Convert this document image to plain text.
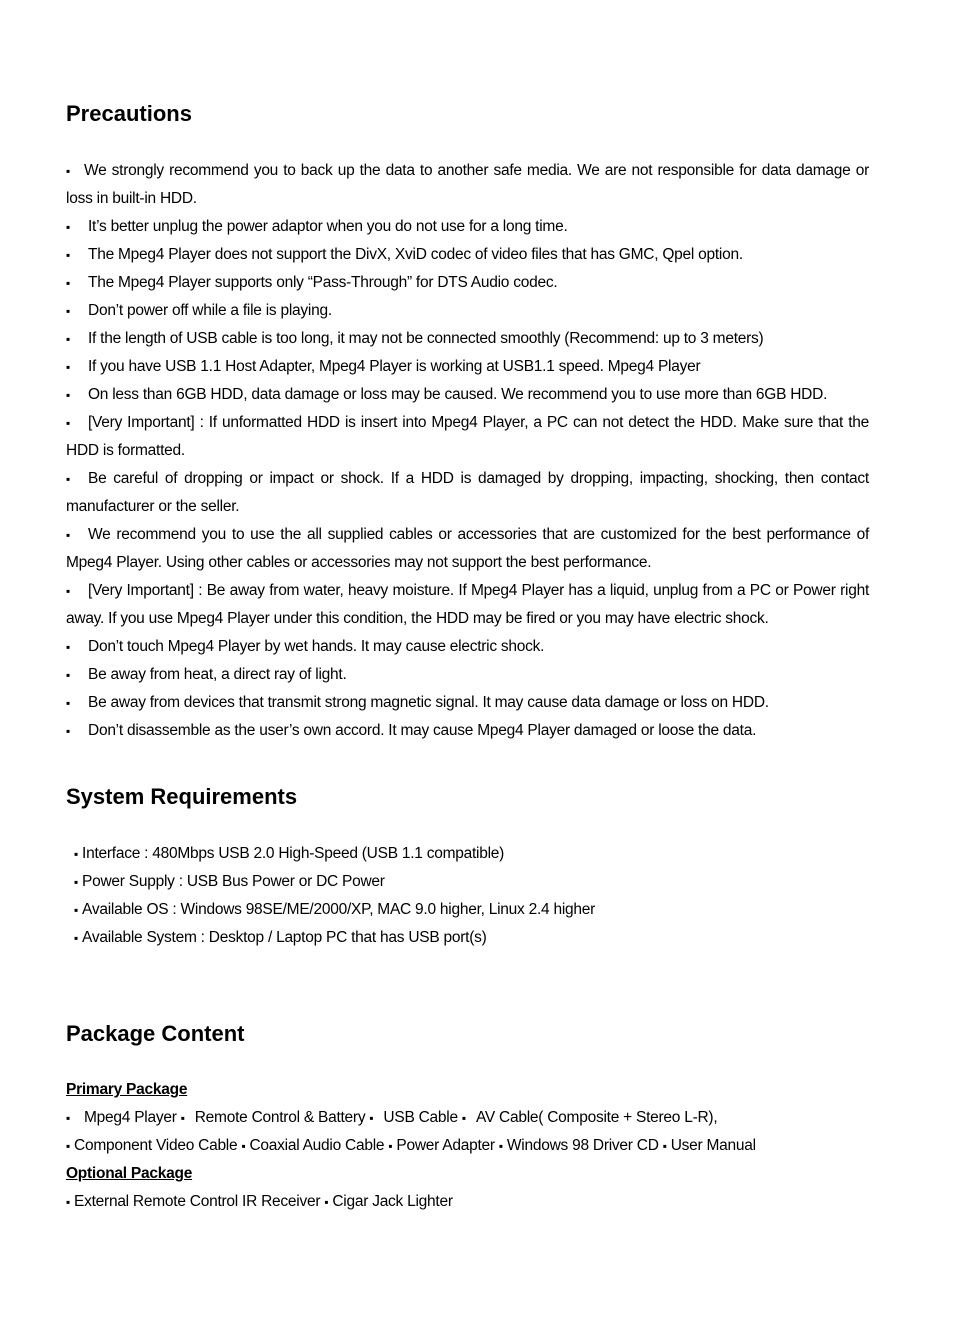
Precautions
▪ We strongly recommend you to back up the data to another safe media. We are not responsible for data damage or loss in built-in HDD.
▪ It’s better unplug the power adaptor when you do not use for a long time.
▪ The Mpeg4 Player does not support the DivX, XviD codec of video files that has GMC, Qpel option.
▪ The Mpeg4 Player supports only “Pass-Through” for DTS Audio codec.
▪ Don’t power off while a file is playing.
▪ If the length of USB cable is too long, it may not be connected smoothly (Recommend: up to 3 meters)
▪ If you have USB 1.1 Host Adapter, Mpeg4 Player is working at USB1.1 speed. Mpeg4 Player
▪ On less than 6GB HDD, data damage or loss may be caused. We recommend you to use more than 6GB HDD.
▪ [Very Important] : If unformatted HDD is insert into Mpeg4 Player, a PC can not detect the HDD. Make sure that the HDD is formatted.
▪ Be careful of dropping or impact or shock. If a HDD is damaged by dropping, impacting, shocking, then contact manufacturer or the seller.
▪ We recommend you to use the all supplied cables or accessories that are customized for the best performance of Mpeg4 Player. Using other cables or accessories may not support the best performance.
▪ [Very Important] : Be away from water, heavy moisture. If Mpeg4 Player has a liquid, unplug from a PC or Power right away. If you use Mpeg4 Player under this condition, the HDD may be fired or you may have electric shock.
▪ Don’t touch Mpeg4 Player by wet hands. It may cause electric shock.
▪ Be away from heat, a direct ray of light.
▪ Be away from devices that transmit strong magnetic signal. It may cause data damage or loss on HDD.
▪ Don’t disassemble as the user’s own accord. It may cause Mpeg4 Player damaged or loose the data.
System Requirements
▪ Interface : 480Mbps USB 2.0 High-Speed (USB 1.1 compatible)
▪ Power Supply : USB Bus Power or DC Power
▪ Available OS : Windows 98SE/ME/2000/XP, MAC 9.0 higher, Linux 2.4 higher
▪ Available System : Desktop / Laptop PC that has USB port(s)
Package Content
Primary Package
▪ Mpeg4 Player ▪ Remote Control & Battery ▪ USB Cable ▪ AV Cable( Composite + Stereo L-R),
▪ Component Video Cable ▪ Coaxial Audio Cable ▪ Power Adapter ▪ Windows 98 Driver CD ▪ User Manual
Optional Package
▪ External Remote Control IR Receiver ▪ Cigar Jack Lighter
